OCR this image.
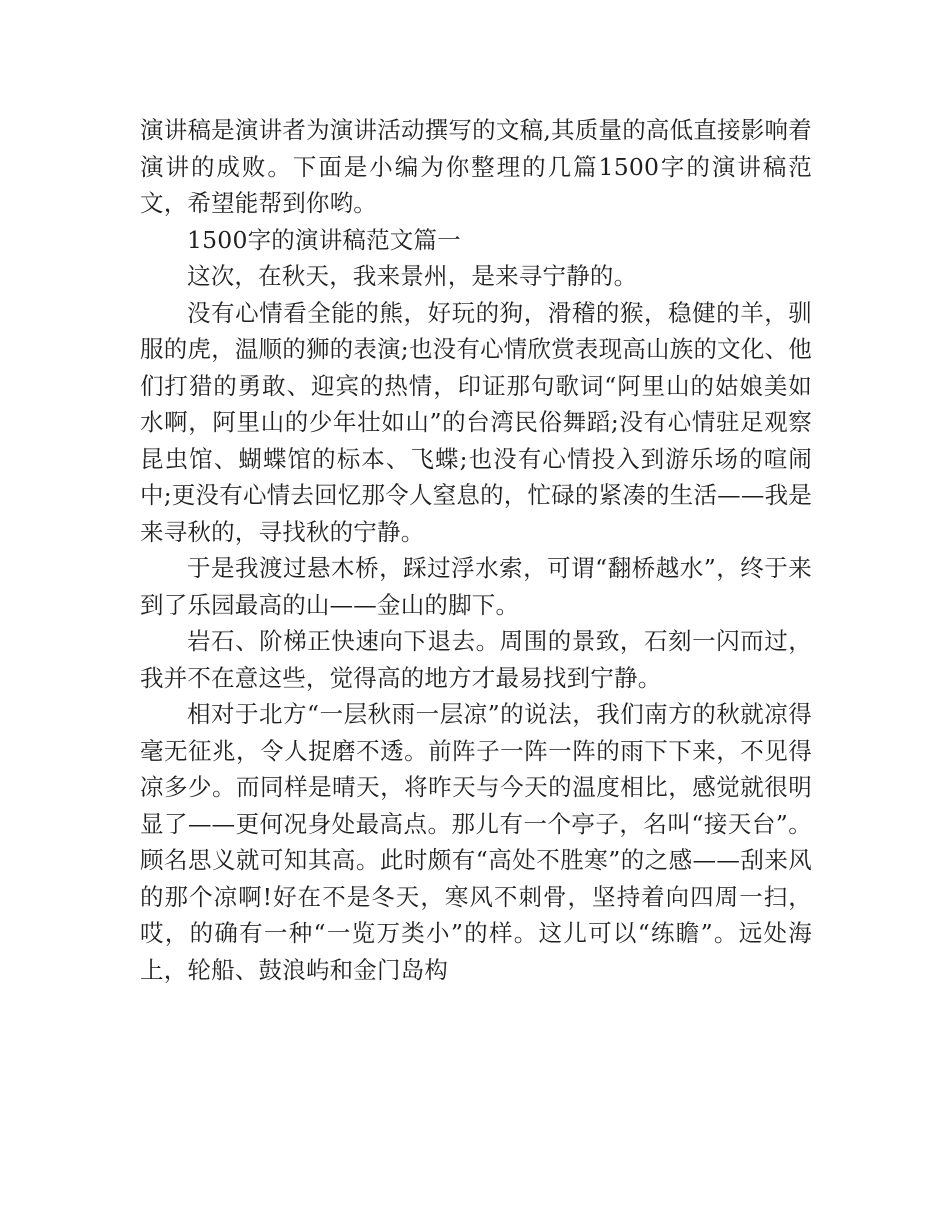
演讲稿是演讲者为演讲活动撰写的文稿,其质量的高低直接影响着演讲的成败。下面是小编为你整理的几篇1500字的演讲稿范文，希望能帮到你哟。

1500字的演讲稿范文篇一

这次，在秋天，我来景州，是来寻宁静的。

没有心情看全能的熊，好玩的狗，滑稽的猴，稳健的羊，驯服的虎，温顺的狮的表演;也没有心情欣赏表现高山族的文化、他们打猎的勇敢、迎宾的热情，印证那句歌词“阿里山的姑娘美如水啊，阿里山的少年壮如山”的台湾民俗舞蹈;没有心情驻足观察昆虫馆、蝴蝶馆的标本、飞蝶;也没有心情投入到游乐场的喧闹中;更没有心情去回忆那令人窒息的，忙碌的紧凑的生活——我是来寻秋的，寻找秋的宁静。

于是我渡过悬木桥，踩过浮水索，可谓“翻桥越水”，终于来到了乐园最高的山——金山的脚下。

岩石、阶梯正快速向下退去。周围的景致，石刻一闪而过，我并不在意这些，觉得高的地方才最易找到宁静。

相对于北方“一层秋雨一层凉”的说法，我们南方的秋就凉得毫无征兆，令人捉磨不透。前阵子一阵一阵的雨下下来，不见得凉多少。而同样是晴天，将昨天与今天的温度相比，感觉就很明显了——更何况身处最高点。那儿有一个亭子，名叫“接天台”。顾名思义就可知其高。此时颇有“高处不胜寒”的之感——刮来风的那个凉啊!好在不是冬天，寒风不刺骨，坚持着向四周一扫，哎，的确有一种“一览万类小”的样。这儿可以“练瞻”。远处海上，轮船、鼓浪屿和金门岛构
